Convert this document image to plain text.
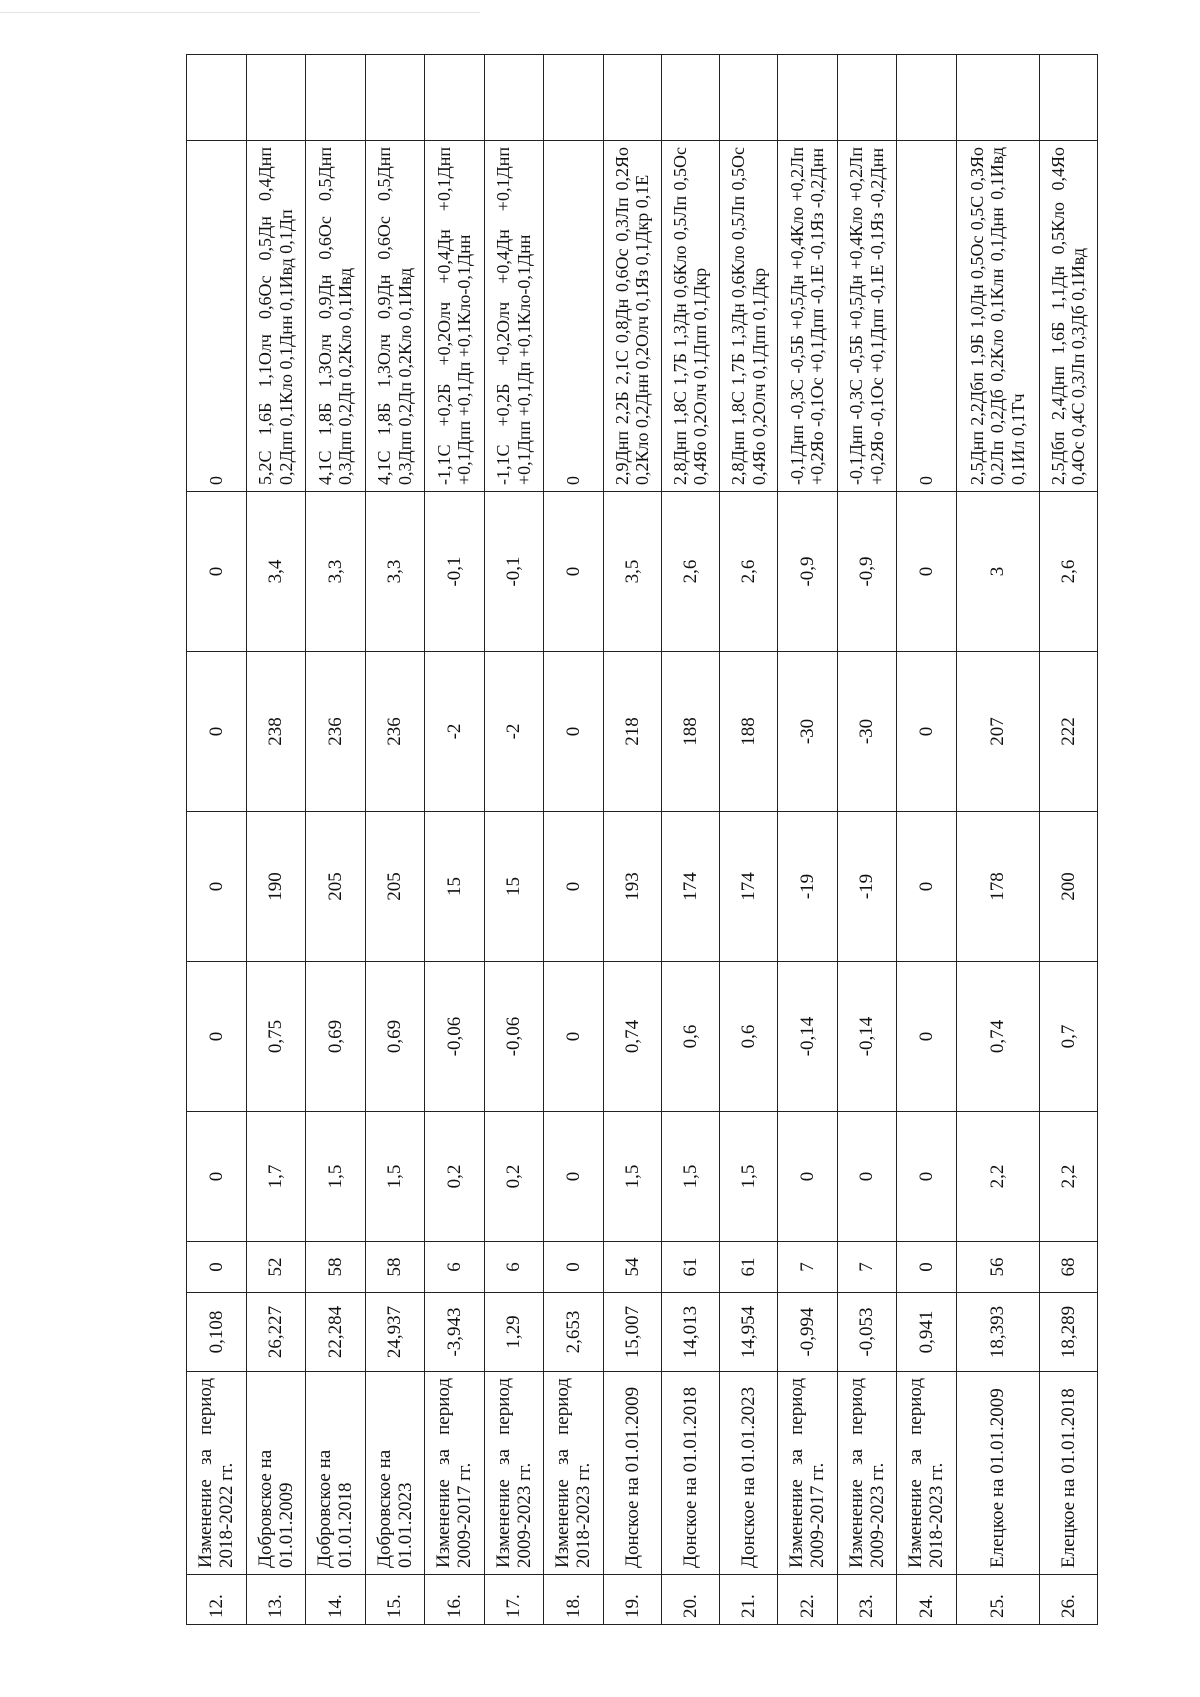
12.	Изменение за период 2018-2022 гг.	0,108	0	0	0	0	0	0	0	
13.	Добровское на 01.01.2009	26,227	52	1,7	0,75	190	238	3,4	5,2С 1,6Б 1,1Олч 0,6Ос 0,5Дн 0,4Днп 0,2Дпп 0,1Кло 0,1Днн 0,1Ивд 0,1Дп	
14.	Добровское на 01.01.2018	22,284	58	1,5	0,69	205	236	3,3	4,1С 1,8Б 1,3Олч 0,9Дн 0,6Ос 0,5Днп 0,3Дпп 0,2Дп 0,2Кло 0,1Ивд	
15.	Добровское на 01.01.2023	24,937	58	1,5	0,69	205	236	3,3	4,1С 1,8Б 1,3Олч 0,9Дн 0,6Ос 0,5Днп 0,3Дпп 0,2Дп 0,2Кло 0,1Ивд	
16.	Изменение за период 2009-2017 гг.	-3,943	6	0,2	-0,06	15	-2	-0,1	-1,1С +0,2Б +0,2Олч +0,4Дн +0,1Днп +0,1Дпп +0,1Дп +0,1Кло-0,1Днн	
17.	Изменение за период 2009-2023 гг.	1,29	6	0,2	-0,06	15	-2	-0,1	-1,1С +0,2Б +0,2Олч +0,4Дн +0,1Днп +0,1Дпп +0,1Дп +0,1Кло-0,1Днн	
18.	Изменение за период 2018-2023 гг.	2,653	0	0	0	0	0	0	0	
19.	Донское на 01.01.2009	15,007	54	1,5	0,74	193	218	3,5	2,9Днп 2,2Б 2,1С 0,8Дн 0,6Ос 0,3Лп 0,2Яо 0,2Кло 0,2Днн 0,2Олч 0,1Яз 0,1Дкр 0,1Е	
20.	Донское на 01.01.2018	14,013	61	1,5	0,6	174	188	2,6	2,8Днп 1,8С 1,7Б 1,3Дн 0,6Кло 0,5Лп 0,5Ос 0,4Яо 0,2Олч 0,1Дпп 0,1Дкр	
21.	Донское на 01.01.2023	14,954	61	1,5	0,6	174	188	2,6	2,8Днп 1,8С 1,7Б 1,3Дн 0,6Кло 0,5Лп 0,5Ос 0,4Яо 0,2Олч 0,1Дпп 0,1Дкр	
22.	Изменение за период 2009-2017 гг.	-0,994	7	0	-0,14	-19	-30	-0,9	-0,1Днп -0,3С -0,5Б +0,5Дн +0,4Кло +0,2Лп +0,2Яо -0,1Ос +0,1Дпп -0,1Е -0,1Яз -0,2Днн	
23.	Изменение за период 2009-2023 гг.	-0,053	7	0	-0,14	-19	-30	-0,9	-0,1Днп -0,3С -0,5Б +0,5Дн +0,4Кло +0,2Лп +0,2Яо -0,1Ос +0,1Дпп -0,1Е -0,1Яз -0,2Днн	
24.	Изменение за период 2018-2023 гг.	0,941	0	0	0	0	0	0	0	
25.	Елецкое на 01.01.2009	18,393	56	2,2	0,74	178	207	3	2,5Днп 2,2Дбп 1,9Б 1,0Дн 0,5Ос 0,5С 0,3Яо 0,2Лп 0,2Дб 0,2Кло 0,1Клн 0,1Днн 0,1Ивд 0,1Ил 0,1Тч	
26.	Елецкое на 01.01.2018	18,289	68	2,2	0,7	200	222	2,6	2,5Дбп 2,4Днп 1,6Б 1,1Дн 0,5Кло 0,4Яо 0,4Ос 0,4С 0,3Лп 0,3Дб 0,1Ивд	
